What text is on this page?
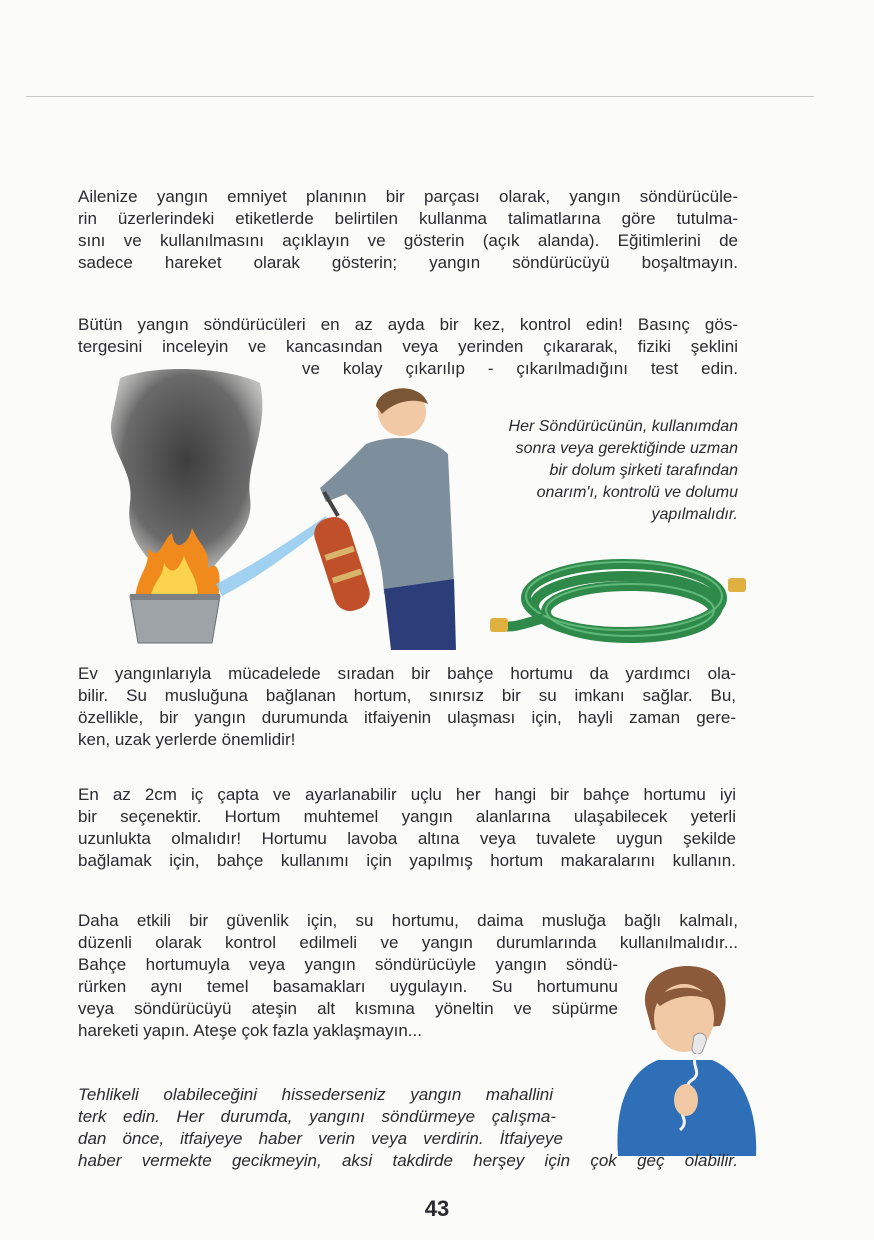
Ailenize yangın emniyet planının bir parçası olarak, yangın söndürücüle-
rin üzerlerindeki etiketlerde belirtilen kullanma talimatlarına göre tutulma-
sını ve kullanılmasını açıklayın ve gösterin (açık alanda). Eğitimlerini de
sadece hareket olarak gösterin; yangın söndürücüyü boşaltmayın.

Bütün yangın söndürücüleri en az ayda bir kez, kontrol edin! Basınç gös-
tergesini inceleyin ve kancasından veya yerinden çıkararak, fiziki şeklini
ve kolay çıkarılıp - çıkarılmadığını test edin.

Her Söndürücünün, kullanımdan
sonra veya gerektiğinde uzman
bir dolum şirketi tarafından
onarım'ı, kontrolü ve dolumu
yapılmalıdır.

Ev yangınlarıyla mücadelede sıradan bir bahçe hortumu da yardımcı ola-
bilir. Su musluğuna bağlanan hortum, sınırsız bir su imkanı sağlar. Bu,
özellikle, bir yangın durumunda itfaiyenin ulaşması için, hayli zaman gere-
ken, uzak yerlerde önemlidir!

En az 2cm iç çapta ve ayarlanabilir uçlu her hangi bir bahçe hortumu iyi
bir seçenektir. Hortum muhtemel yangın alanlarına ulaşabilecek yeterli
uzunlukta olmalıdır! Hortumu lavoba altına veya tuvalete uygun şekilde
bağlamak için, bahçe kullanımı için yapılmış hortum makaralarını kullanın.

Daha etkili bir güvenlik için, su hortumu, daima musluğa bağlı kalmalı,
düzenli olarak kontrol edilmeli ve yangın durumlarında kullanılmalıdır...
Bahçe hortumuyla veya yangın söndürücüyle yangın söndü-
rürken aynı temel basamakları uygulayın. Su hortumunu
veya söndürücüyü ateşin alt kısmına yöneltin ve süpürme
hareketi yapın. Ateşe çok fazla yaklaşmayın...

Tehlikeli olabileceğini hissederseniz yangın mahallini
terk edin. Her durumda, yangını söndürmeye çalışma-
dan önce, itfaiyeye haber verin veya verdirin. İtfaiyeye
haber vermekte gecikmeyin, aksi takdirde herşey için çok geç olabilir.

43
